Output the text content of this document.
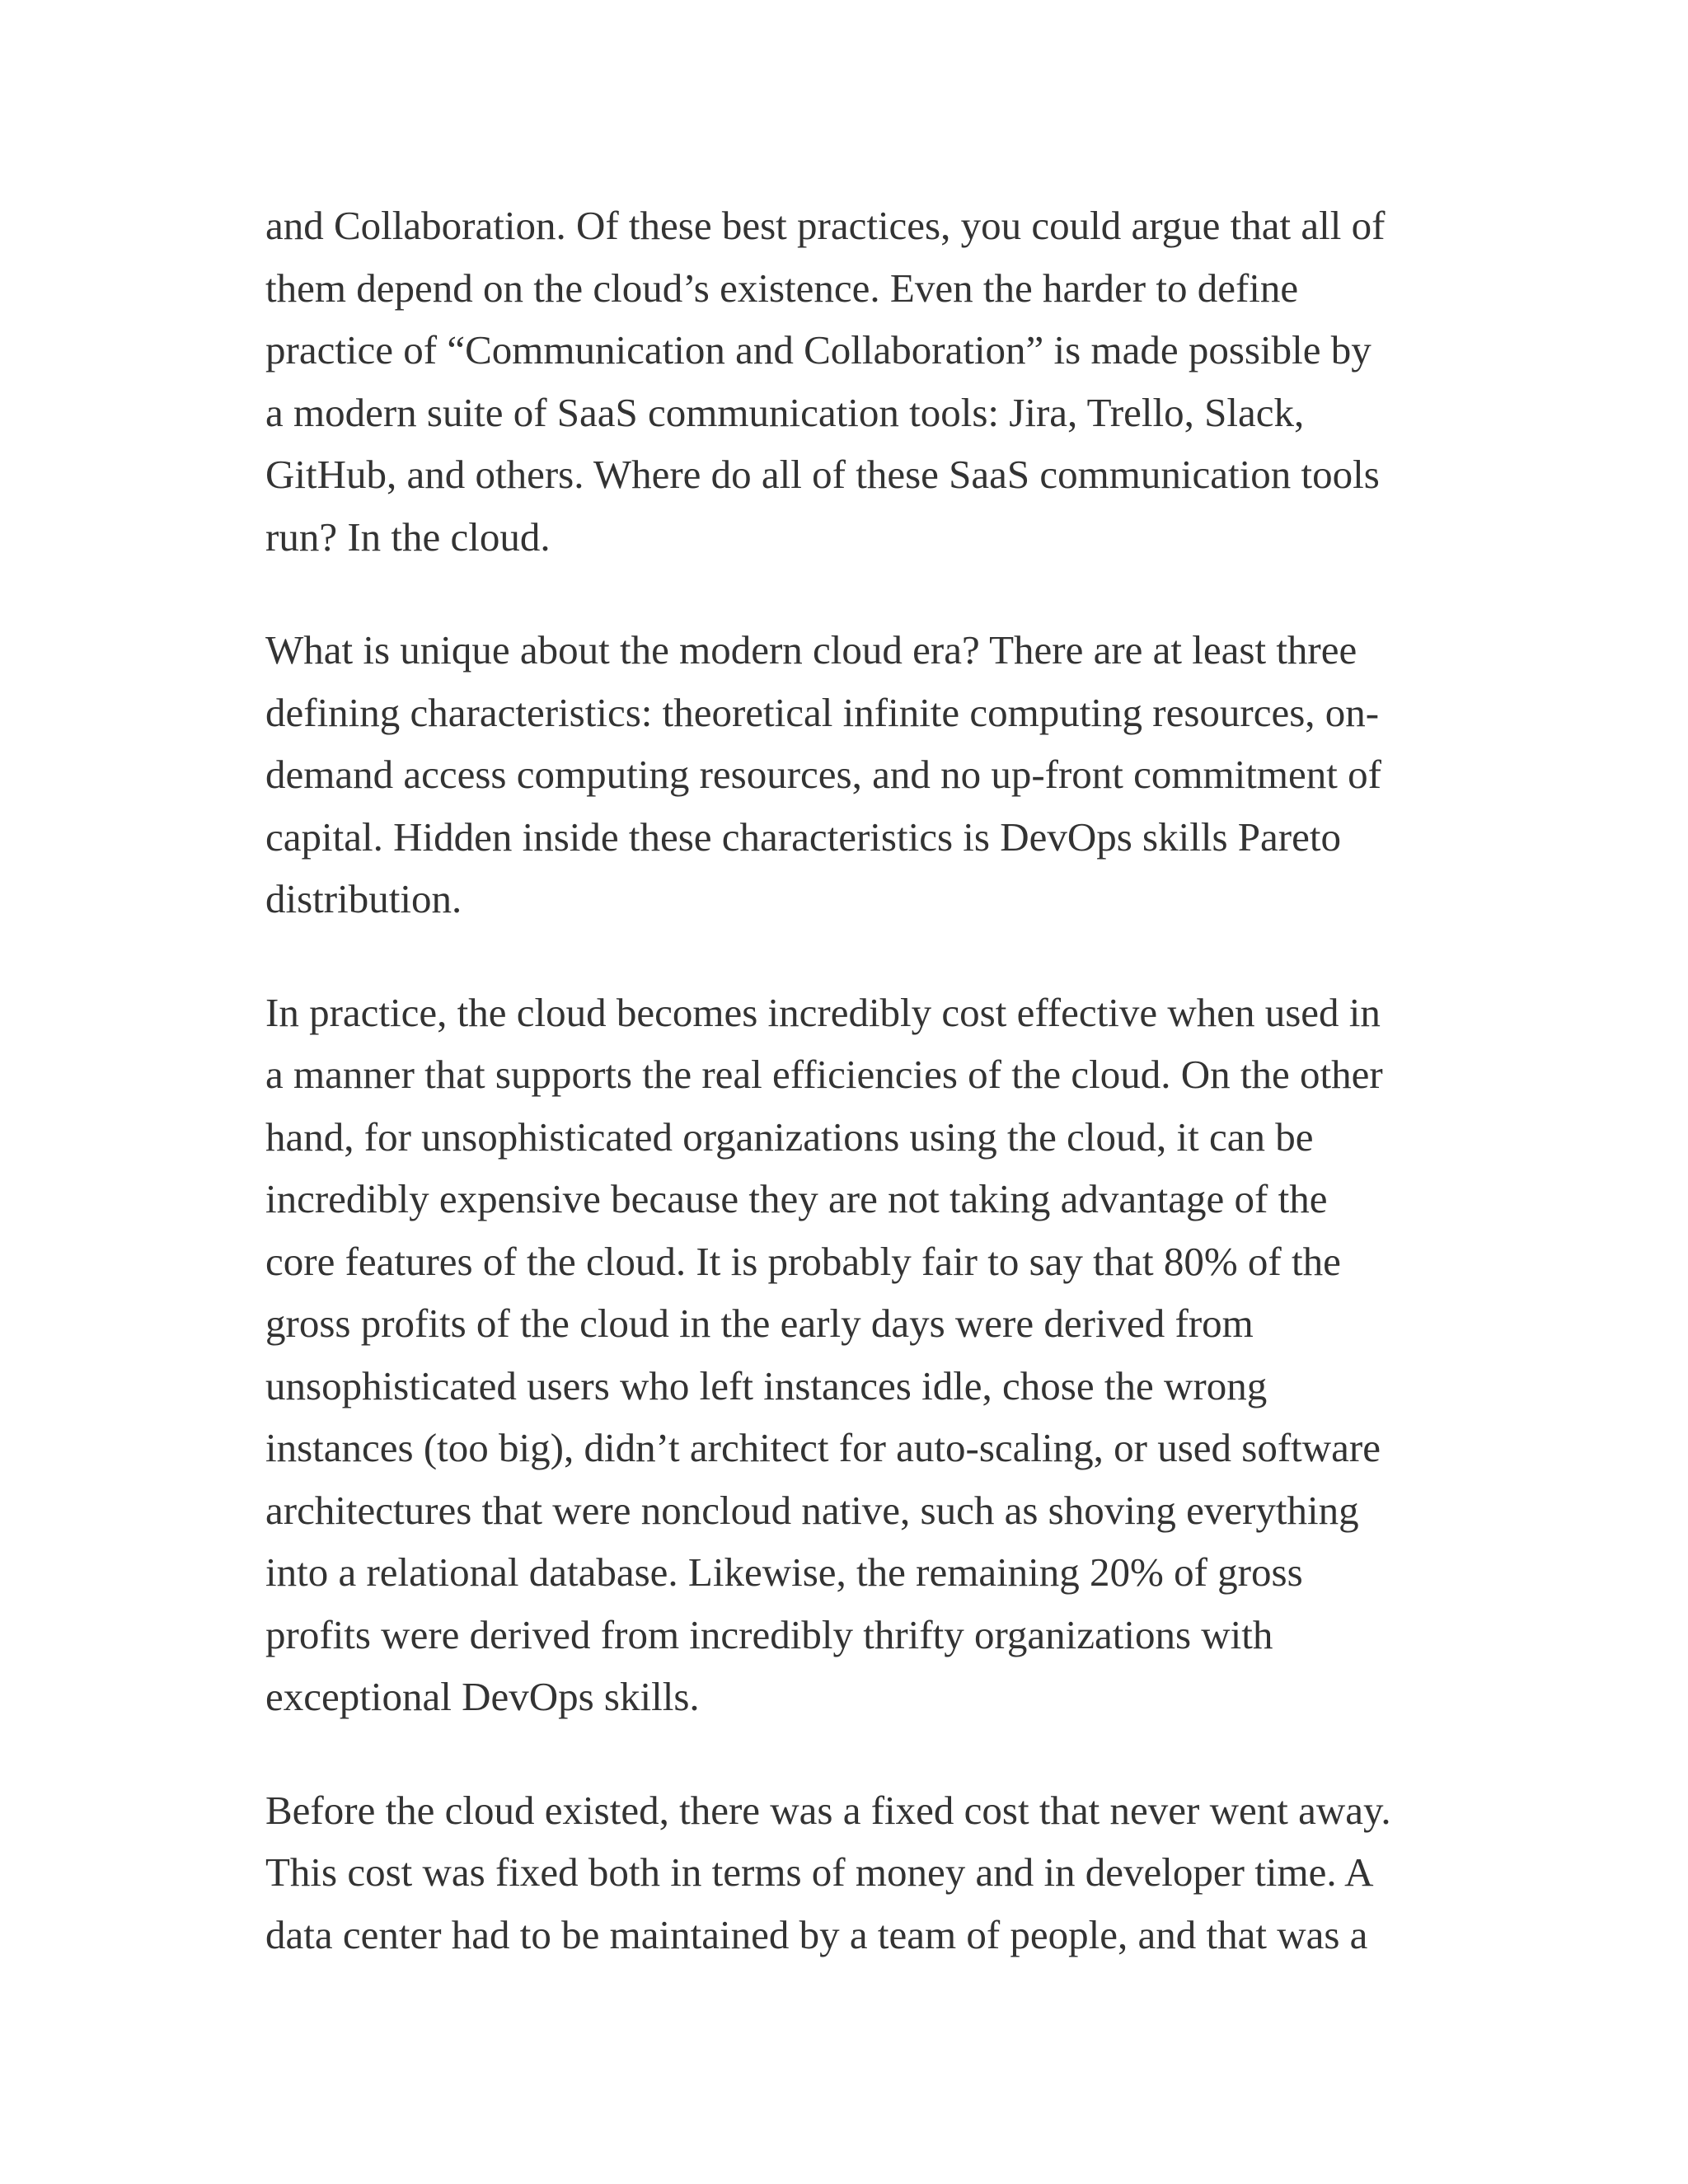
and Collaboration. Of these best practices, you could argue that all of
them depend on the cloud’s existence. Even the harder to define
practice of “Communication and Collaboration” is made possible by
a modern suite of SaaS communication tools: Jira, Trello, Slack,
GitHub, and others. Where do all of these SaaS communication tools
run? In the cloud.

What is unique about the modern cloud era? There are at least three
defining characteristics: theoretical infinite computing resources, on-
demand access computing resources, and no up-front commitment of
capital. Hidden inside these characteristics is DevOps skills Pareto
distribution.

In practice, the cloud becomes incredibly cost effective when used in
a manner that supports the real efficiencies of the cloud. On the other
hand, for unsophisticated organizations using the cloud, it can be
incredibly expensive because they are not taking advantage of the
core features of the cloud. It is probably fair to say that 80% of the
gross profits of the cloud in the early days were derived from
unsophisticated users who left instances idle, chose the wrong
instances (too big), didn’t architect for auto-scaling, or used software
architectures that were noncloud native, such as shoving everything
into a relational database. Likewise, the remaining 20% of gross
profits were derived from incredibly thrifty organizations with
exceptional DevOps skills.

Before the cloud existed, there was a fixed cost that never went away.
This cost was fixed both in terms of money and in developer time. A
data center had to be maintained by a team of people, and that was a
